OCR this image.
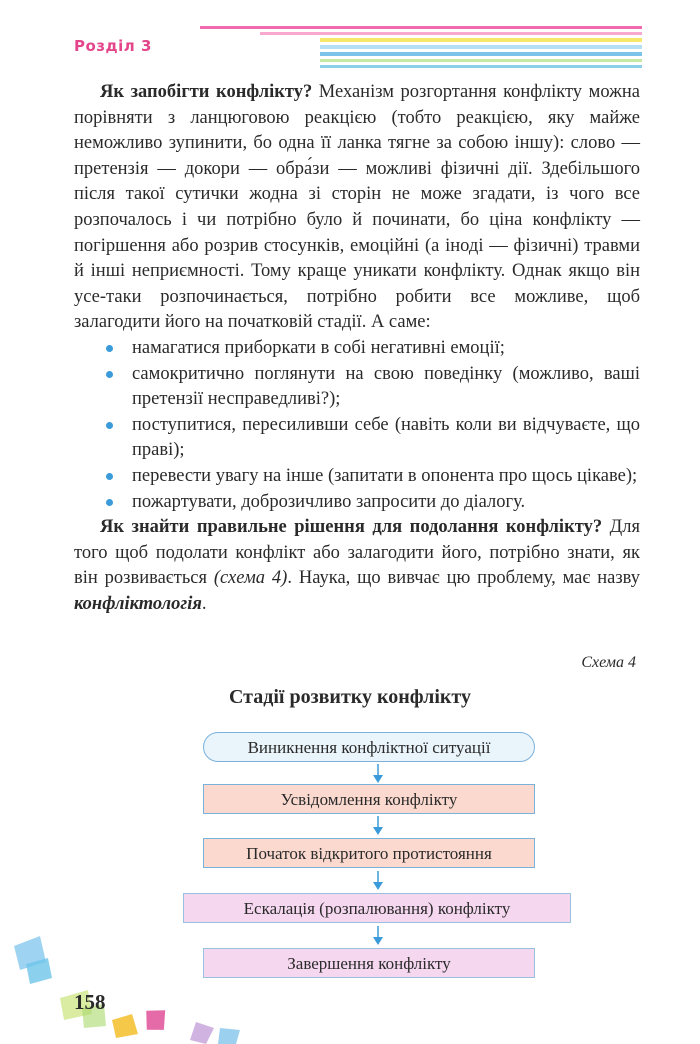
Розділ 3

Як запобігти конфлікту? Механізм розгортання конфлікту можна порівняти з ланцюговою реакцією (тобто реакцією, яку майже неможливо зупинити, бо одна її ланка тягне за собою іншу): слово — претензія — докори — обра́зи — можливі фізичні дії. Здебільшого після такої сутички жодна зі сторін не може згадати, із чого все розпочалось і чи потрібно було й починати, бо ціна конфлікту — погіршення або розрив стосунків, емоційні (а іноді — фізичні) травми й інші неприємності. Тому краще уникати конфлікту. Однак якщо він усе-таки розпочинається, потрібно робити все можливе, щоб залагодити його на початковій стадії. А саме:

намагатися приборкати в собі негативні емоції;
самокритично поглянути на свою поведінку (можливо, ваші претензії несправедливі?);
поступитися, пересиливши себе (навіть коли ви відчуваєте, що праві);
перевести увагу на інше (запитати в опонента про щось цікаве);
пожартувати, доброзичливо запросити до діалогу.

Як знайти правильне рішення для подолання конфлікту? Для того щоб подолати конфлікт або залагодити його, потрібно знати, як він розвивається (схема 4). Наука, що вивчає цю проблему, має назву конфліктологія.

Схема 4
Стадії розвитку конфлікту
Виникнення конфліктної ситуації
Усвідомлення конфлікту
Початок відкритого протистояння
Ескалація (розпалювання) конфлікту
Завершення конфлікту
158
